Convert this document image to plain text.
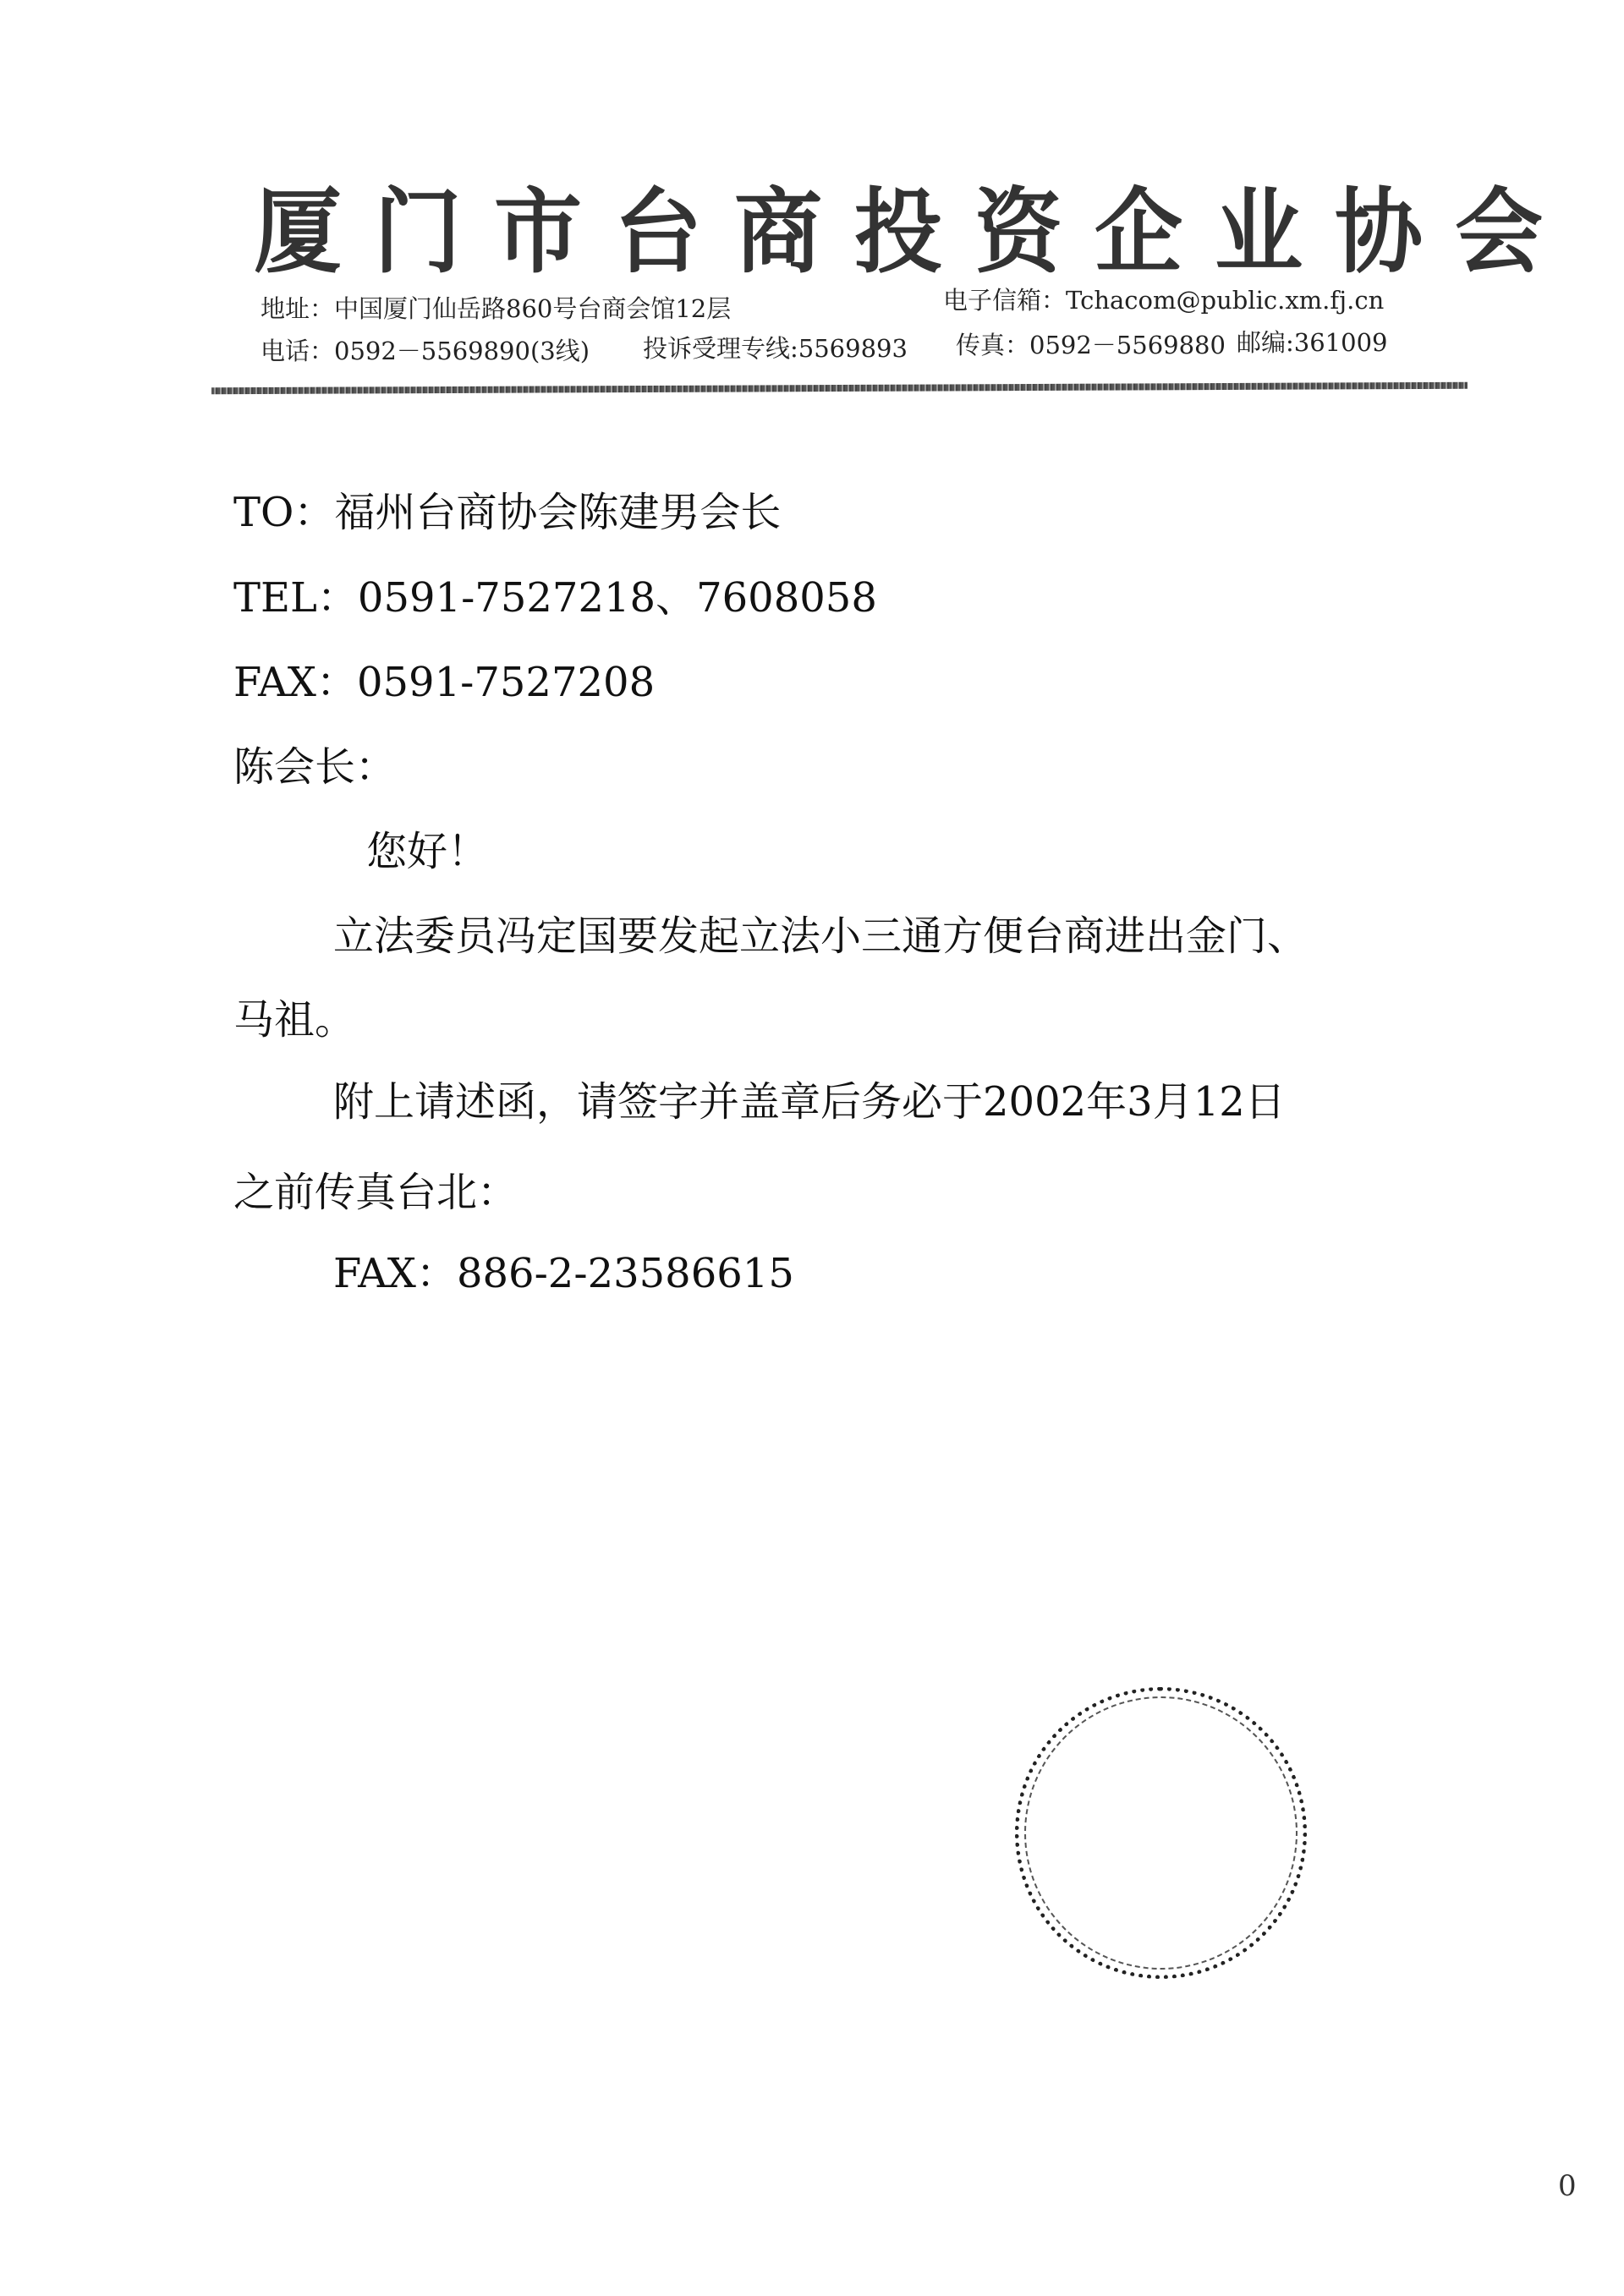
厦门市台商投资企业协会
地址：中国厦门仙岳路860号台商会馆12层	电子信箱：Tchacom@public.xm.fj.cn
电话：0592－5569890(3线) 投诉受理专线:5569893 传真：0592－5569880 邮编:361009
TO：福州台商协会陈建男会长
TEL：0591-7527218、7608058
FAX：0591-7527208
陈会长：
您好！
立法委员冯定国要发起立法小三通方便台商进出金门、
马祖。
附上请述函，请签字并盖章后务必于2002年3月12日
之前传真台北：
FAX：886-2-23586615
0
